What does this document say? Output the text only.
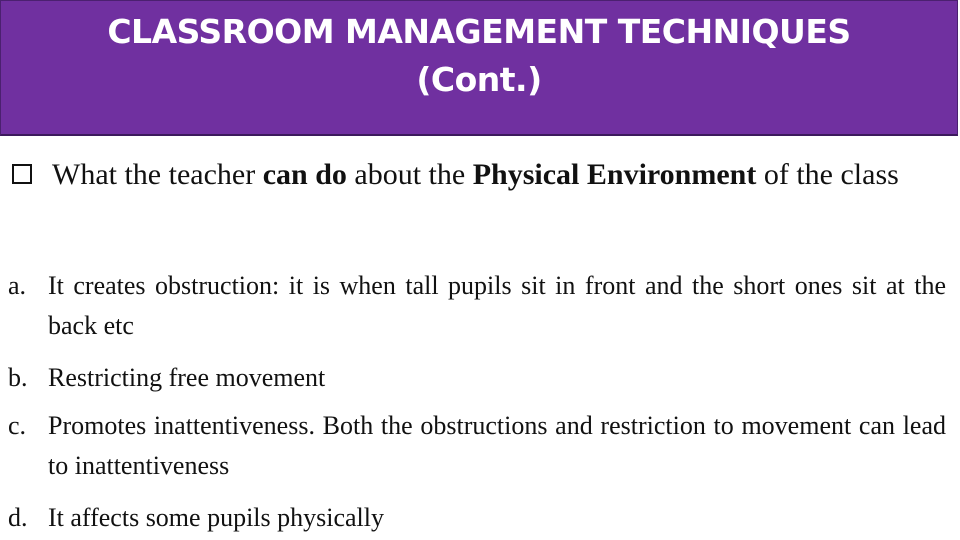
CLASSROOM MANAGEMENT TECHNIQUES
(Cont.)
What the teacher can do about the Physical Environment of the class
a. It creates obstruction: it is when tall pupils sit in front and the short ones sit at the back etc
b. Restricting free movement
c. Promotes inattentiveness. Both the obstructions and restriction to movement can lead to inattentiveness
d. It affects some pupils physically
